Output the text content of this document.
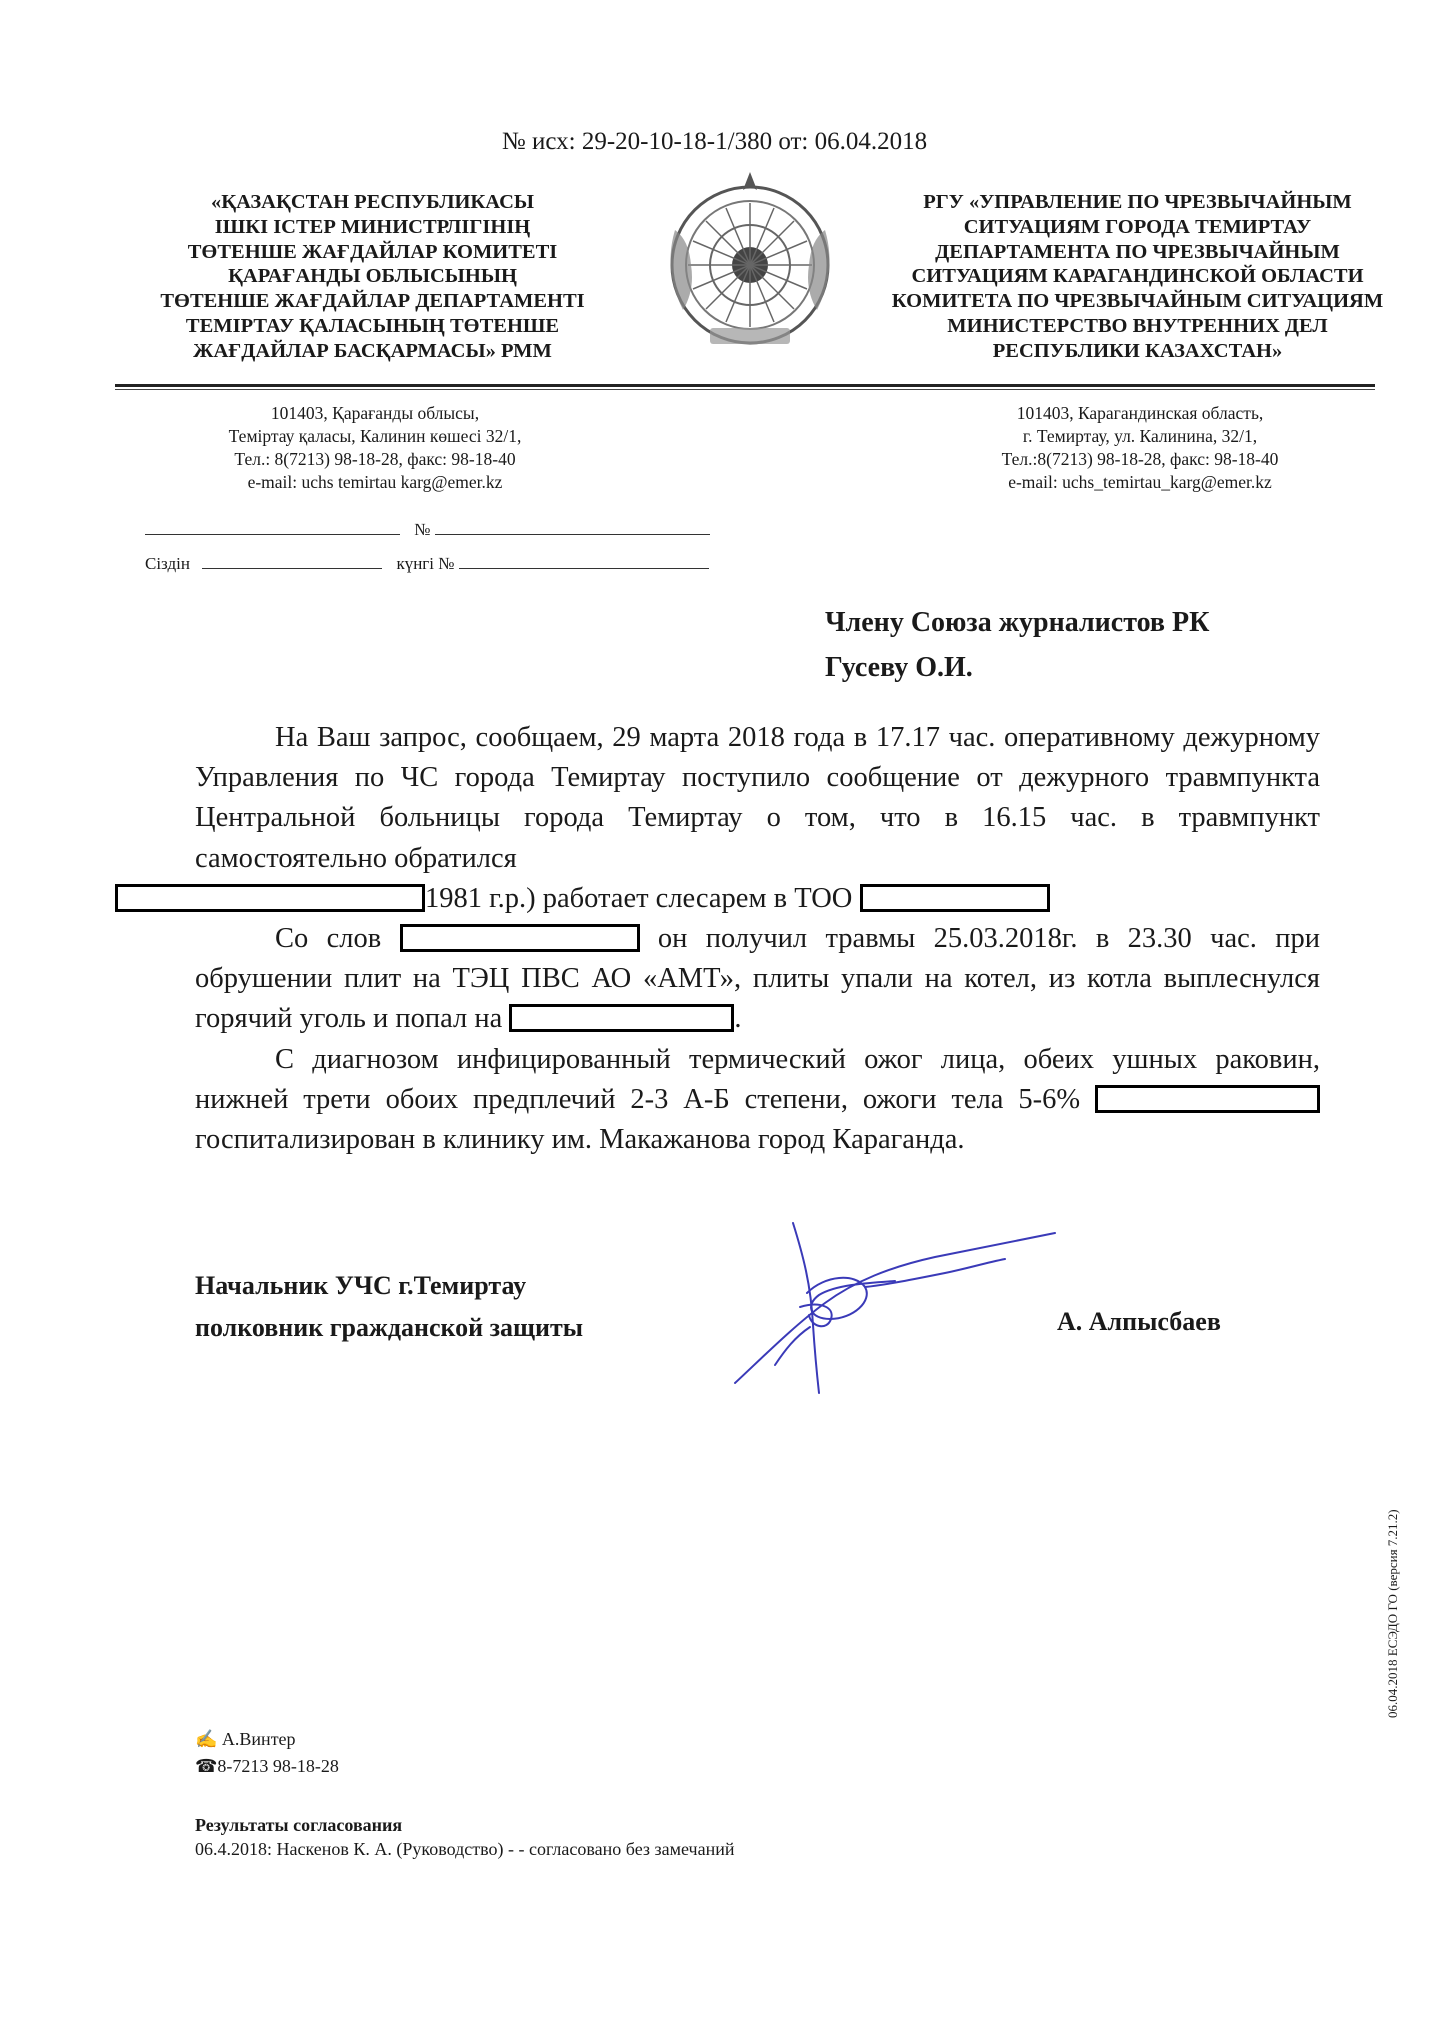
№ исх: 29-20-10-18-1/380 от: 06.04.2018
«ҚАЗАҚСТАН РЕСПУБЛИКАСЫ
ІШКІ ІСТЕР МИНИСТРЛІГІНІҢ
ТӨТЕНШЕ ЖАҒДАЙЛАР КОМИТЕТІ
ҚАРАҒАНДЫ ОБЛЫСЫНЫҢ
ТӨТЕНШЕ ЖАҒДАЙЛАР ДЕПАРТАМЕНТІ
ТЕМІРТАУ ҚАЛАСЫНЫҢ ТӨТЕНШЕ
ЖАҒДАЙЛАР БАСҚАРМАСЫ» РММ
РГУ «УПРАВЛЕНИЕ ПО ЧРЕЗВЫЧАЙНЫМ
СИТУАЦИЯМ ГОРОДА ТЕМИРТАУ
ДЕПАРТАМЕНТА ПО ЧРЕЗВЫЧАЙНЫМ
СИТУАЦИЯМ КАРАГАНДИНСКОЙ ОБЛАСТИ
КОМИТЕТА ПО ЧРЕЗВЫЧАЙНЫМ СИТУАЦИЯМ
МИНИСТЕРСТВО ВНУТРЕННИХ ДЕЛ
РЕСПУБЛИКИ КАЗАХСТАН»
101403, Қарағанды облысы,
Теміртау қаласы, Калинин көшесі 32/1,
Тел.: 8(7213) 98-18-28, факс: 98-18-40
e-mail: uchs temirtau karg@emer.kz
101403, Карагандинская область,
г. Темиртау, ул. Калинина, 32/1,
Тел.:8(7213) 98-18-28, факс: 98-18-40
e-mail: uchs_temirtau_karg@emer.kz
№
Сіздін	күнгі №
Члену Союза журналистов РК
Гусеву О.И.

На Ваш запрос, сообщаем, 29 марта 2018 года в 17.17 час. оперативному дежурному Управления по ЧС города Темиртау поступило сообщение от дежурного травмпункта Центральной больницы города Темиртау о том, что в 16.15 час. в травмпункт самостоятельно обратился
1981 г.р.) работает слесарем в ТОО

Со слов	он получил травмы 25.03.2018г. в 23.30 час. при обрушении плит на ТЭЦ ПВС АО «АМТ», плиты упали на котел, из котла выплеснулся горячий уголь и попал на	.

С диагнозом инфицированный термический ожог лица, обеих ушных раковин, нижней трети обоих предплечий 2-3 А-Б степени, ожоги тела 5-6%  госпитализирован в клинику им. Макажанова город Караганда.

Начальник УЧС г.Темиртау
полковник гражданской защиты	А. Алпысбаев
06.04.2018 ЕСЭДО ГО (версия 7.21.2)
✍ А.Винтер
☎8-7213 98-18-28
Результаты согласования
06.4.2018: Наскенов К. А. (Руководство) - - согласовано без замечаний
